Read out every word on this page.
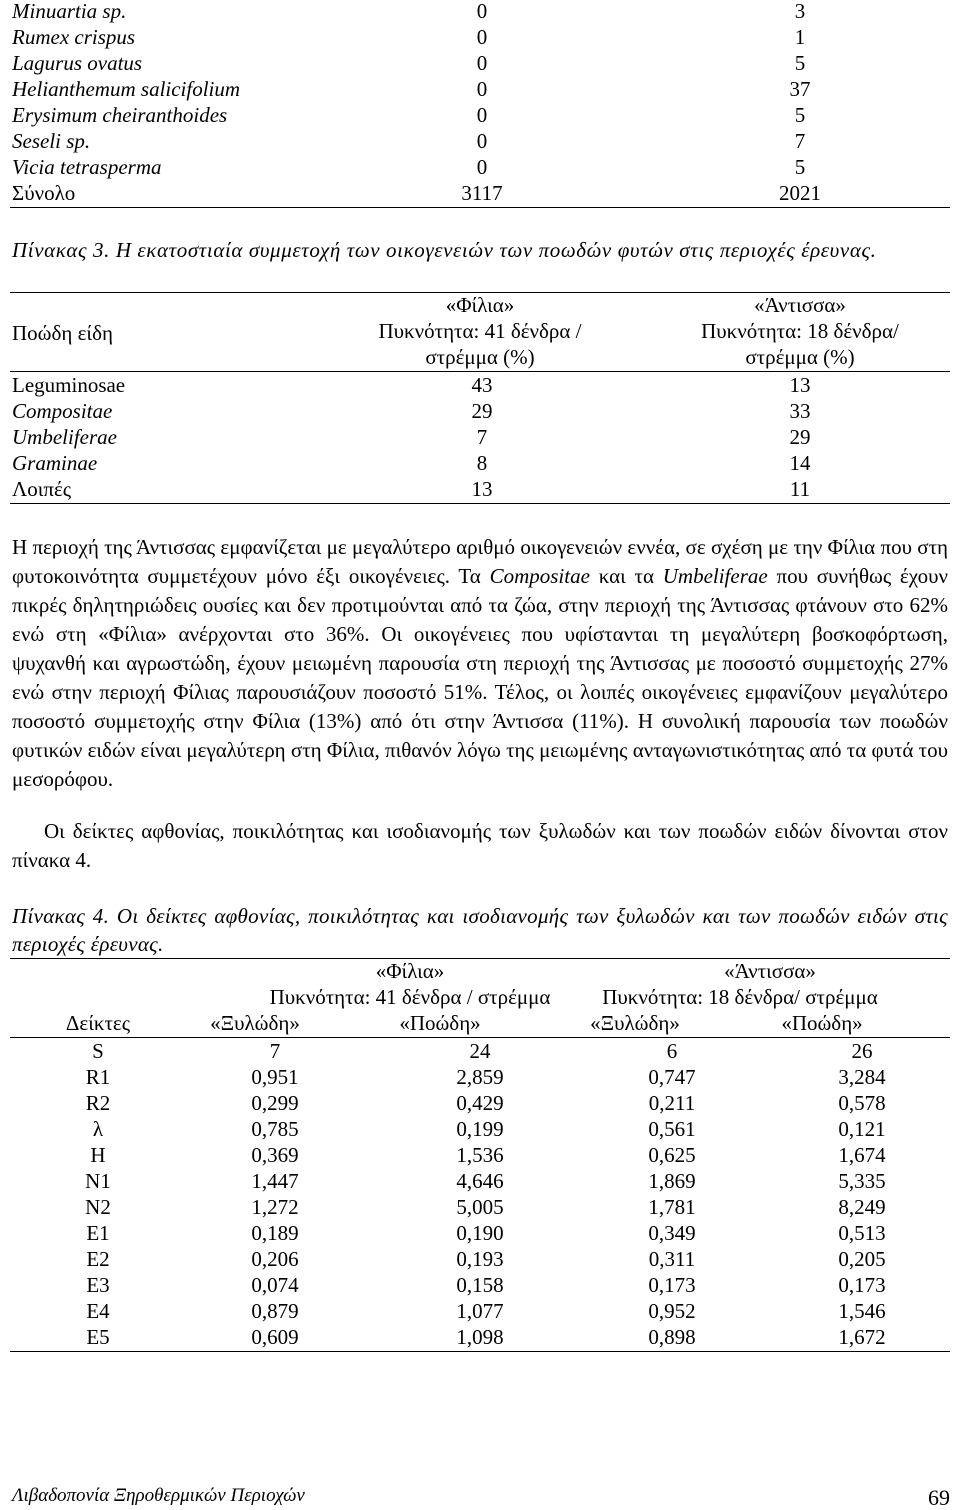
Minuartia sp.	0	3
Rumex crispus	0	1
Lagurus ovatus	0	5
Helianthemum salicifolium	0	37
Erysimum cheiranthoides	0	5
Seseli sp.	0	7
Vicia tetrasperma	0	5
Σύνολο	3117	2021
Πίνακας 3. Η εκατοστιαία συμμετοχή των οικογενειών των ποωδών φυτών στις περιοχές έρευνας.
Ποώδη είδη
«Φίλια»
Πυκνότητα: 41 δένδρα /
στρέμμα (%)
«Άντισσα»
Πυκνότητα: 18 δένδρα/
στρέμμα (%)
Leguminosae	43	13
Compositae	29	33
Umbeliferae	7	29
Graminae	8	14
Λοιπές	13	11
Η περιοχή της Άντισσας εμφανίζεται με μεγαλύτερο αριθμό οικογενειών εννέα, σε σχέση με την Φίλια που στη φυτοκοινότητα συμμετέχουν μόνο έξι οικογένειες. Τα Compositae και τα Umbeliferae που συνήθως έχουν πικρές δηλητηριώδεις ουσίες και δεν προτιμούνται από τα ζώα, στην περιοχή της Άντισσας φτάνουν στο 62% ενώ στη «Φίλια» ανέρχονται στο 36%. Οι οικογένειες που υφίστανται τη μεγαλύτερη βοσκοφόρτωση, ψυχανθή και αγρωστώδη, έχουν μειωμένη παρουσία στη περιοχή της Άντισσας με ποσοστό συμμετοχής 27% ενώ στην περιοχή Φίλιας παρουσιάζουν ποσοστό 51%. Τέλος, οι λοιπές οικογένειες εμφανίζουν μεγαλύτερο ποσοστό συμμετοχής στην Φίλια (13%) από ότι στην Άντισσα (11%). Η συνολική παρουσία των ποωδών φυτικών ειδών είναι μεγαλύτερη στη Φίλια, πιθανόν λόγω της μειωμένης ανταγωνιστικότητας από τα φυτά του μεσορόφου.
Οι δείκτες αφθονίας, ποικιλότητας και ισοδιανομής των ξυλωδών και των ποωδών ειδών δίνονται στον πίνακα 4.
Πίνακας 4. Οι δείκτες αφθονίας, ποικιλότητας και ισοδιανομής των ξυλωδών και των ποωδών ειδών στις περιοχές έρευνας.
«Φίλια»
Πυκνότητα: 41 δένδρα / στρέμμα
«Άντισσα»
Πυκνότητα: 18 δένδρα/ στρέμμα
Δείκτες	«Ξυλώδη»	«Ποώδη»	«Ξυλώδη»	«Ποώδη»
S	7	24	6	26
R1	0,951	2,859	0,747	3,284
R2	0,299	0,429	0,211	0,578
λ	0,785	0,199	0,561	0,121
H	0,369	1,536	0,625	1,674
N1	1,447	4,646	1,869	5,335
N2	1,272	5,005	1,781	8,249
E1	0,189	0,190	0,349	0,513
E2	0,206	0,193	0,311	0,205
E3	0,074	0,158	0,173	0,173
E4	0,879	1,077	0,952	1,546
E5	0,609	1,098	0,898	1,672
Λιβαδοπονία Ξηροθερμικών Περιοχών	69
